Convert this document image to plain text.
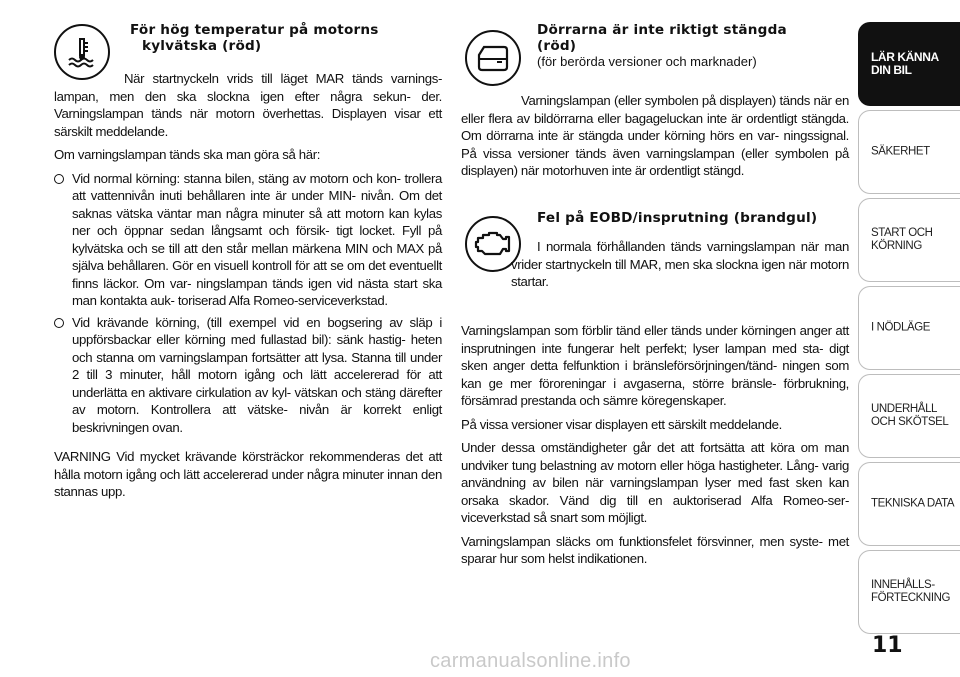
För hög temperatur på motorns
kylvätska (röd)
När startnyckeln vrids till läget MAR tänds varnings- lampan, men den ska slockna igen efter några sekun- der. Varningslampan tänds när motorn överhettas. Displayen visar ett särskilt meddelande.

Om varningslampan tänds ska man göra så här:

Vid normal körning: stanna bilen, stäng av motorn och kon- trollera att vattennivån inuti behållaren inte är under MIN- nivån. Om det saknas vätska väntar man några minuter så att motorn kan kylas ner och öppnar sedan långsamt och försik- tigt locket. Fyll på kylvätska och se till att den står mellan märkena MIN och MAX på själva behållaren. Gör en visuell kontroll för att se om det eventuellt finns läckor. Om var- ningslampan tänds igen vid nästa start ska man kontakta auk- toriserad Alfa Romeo-serviceverkstad.
Vid krävande körning, (till exempel vid en bogsering av släp i uppförsbackar eller körning med fullastad bil): sänk hastig- heten och stanna om varningslampan fortsätter att lysa. Stanna till under 2 till 3 minuter, håll motorn igång och lätt accelererad för att underlätta en aktivare cirkulation av kyl- vätskan och stäng därefter av motorn. Kontrollera att vätske- nivån är korrekt enligt beskrivningen ovan.

VARNING Vid mycket krävande körsträckor rekommenderas det att hålla motorn igång och lätt accelererad under några minuter innan den stannas upp.

Dörrarna är inte riktigt stängda
(röd)
(för berörda versioner och marknader)
Varningslampan (eller symbolen på displayen) tänds när en eller flera av bildörrarna eller bagageluckan inte är ordentligt stängda. Om dörrarna inte är stängda under körning hörs en var- ningssignal. På vissa versioner tänds även varningslampan (eller symbolen på displayen) när motorhuven inte är ordentligt stängd.
Fel på EOBD/insprutning (brandgul)
I normala förhållanden tänds varningslampan när man vrider startnyckeln till MAR, men ska slockna igen när motorn startar.

Varningslampan som förblir tänd eller tänds under körningen anger att insprutningen inte fungerar helt perfekt; lyser lampan med sta- digt sken anger detta felfunktion i bränsleförsörjningen/tänd- ningen som kan ge mer föroreningar i avgaserna, större bränsle- förbrukning, försämrad prestanda och sämre köregenskaper.

På vissa versioner visar displayen ett särskilt meddelande.

Under dessa omständigheter går det att fortsätta att köra om man undviker tung belastning av motorn eller höga hastigheter. Lång- varig användning av bilen när varningslampan lyser med fast sken kan orsaka skador. Vänd dig till en auktoriserad Alfa Romeo-ser- viceverkstad så snart som möjligt.

Varningslampan släcks om funktionsfelet försvinner, men syste- met sparar hur som helst indikationen.

LÄR KÄNNA
DIN BIL
SÄKERHET
START OCH
KÖRNING
I NÖDLÄGE
UNDERHÅLL
OCH SKÖTSEL
TEKNISKA DATA
INNEHÅLLS-
FÖRTECKNING
11
carmanualsonline.info
